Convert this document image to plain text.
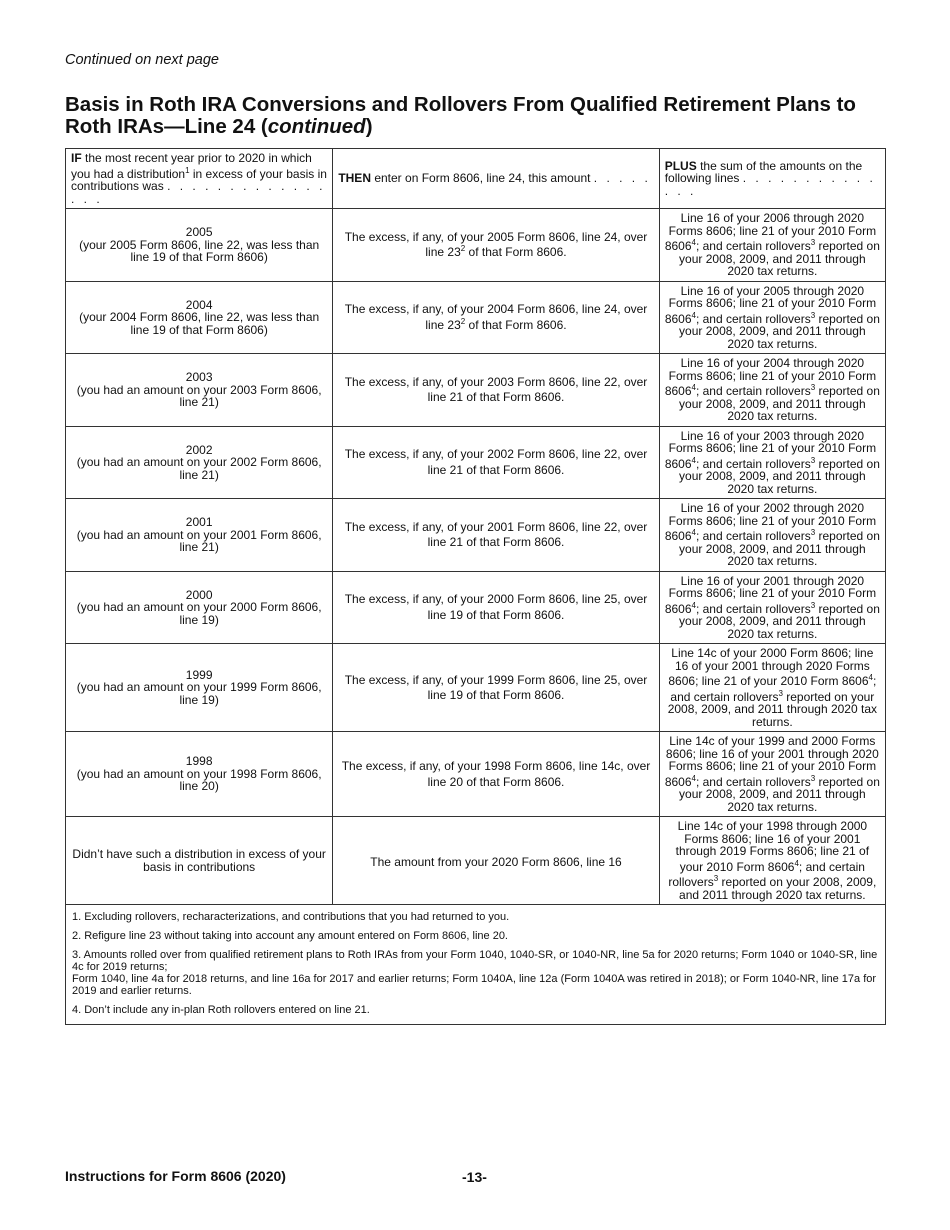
Continued on next page
Basis in Roth IRA Conversions and Rollovers From Qualified Retirement Plans to Roth IRAs—Line 24 (continued)
IF the most recent year prior to 2020 in which you had a distribution$^1$ in excess of your basis in contributions was . . . . . . . . . . . . . . . .	THEN enter on Form 8606, line 24, this amount . . . . .	PLUS the sum of the amounts on the following lines . . . . . . . . . . . . . .
2005
(your 2005 Form 8606, line 22, was less than line 19 of that Form 8606)	The excess, if any, of your 2005 Form 8606, line 24, over line $23^2$ of that Form 8606.	Line 16 of your 2006 through 2020 Forms 8606; line 21 of your 2010 Form 8606$^4$; and certain rollovers$^3$ reported on your 2008, 2009, and 2011 through 2020 tax returns.
2004
(your 2004 Form 8606, line 22, was less than line 19 of that Form 8606)	The excess, if any, of your 2004 Form 8606, line 24, over line $23^2$ of that Form 8606.	Line 16 of your 2005 through 2020 Forms 8606; line 21 of your 2010 Form 8606$^4$; and certain rollovers$^3$ reported on your 2008, 2009, and 2011 through 2020 tax returns.
2003
(you had an amount on your 2003 Form 8606, line 21)	The excess, if any, of your 2003 Form 8606, line 22, over line 21 of that Form 8606.	Line 16 of your 2004 through 2020 Forms 8606; line 21 of your 2010 Form 8606$^4$; and certain rollovers$^3$ reported on your 2008, 2009, and 2011 through 2020 tax returns.
2002
(you had an amount on your 2002 Form 8606, line 21)	The excess, if any, of your 2002 Form 8606, line 22, over line 21 of that Form 8606.	Line 16 of your 2003 through 2020 Forms 8606; line 21 of your 2010 Form 8606$^4$; and certain rollovers$^3$ reported on your 2008, 2009, and 2011 through 2020 tax returns.
2001
(you had an amount on your 2001 Form 8606, line 21)	The excess, if any, of your 2001 Form 8606, line 22, over line 21 of that Form 8606.	Line 16 of your 2002 through 2020 Forms 8606; line 21 of your 2010 Form 8606$^4$; and certain rollovers$^3$ reported on your 2008, 2009, and 2011 through 2020 tax returns.
2000
(you had an amount on your 2000 Form 8606, line 19)	The excess, if any, of your 2000 Form 8606, line 25, over line 19 of that Form 8606.	Line 16 of your 2001 through 2020 Forms 8606; line 21 of your 2010 Form 8606$^4$; and certain rollovers$^3$ reported on your 2008, 2009, and 2011 through 2020 tax returns.
1999
(you had an amount on your 1999 Form 8606, line 19)	The excess, if any, of your 1999 Form 8606, line 25, over line 19 of that Form 8606.	Line 14c of your 2000 Form 8606; line 16 of your 2001 through 2020 Forms 8606; line 21 of your 2010 Form 8606$^4$; and certain rollovers$^3$ reported on your 2008, 2009, and 2011 through 2020 tax returns.
1998
(you had an amount on your 1998 Form 8606, line 20)	The excess, if any, of your 1998 Form 8606, line 14c, over line 20 of that Form 8606.	Line 14c of your 1999 and 2000 Forms 8606; line 16 of your 2001 through 2020 Forms 8606; line 21 of your 2010 Form 8606$^4$; and certain rollovers$^3$ reported on your 2008, 2009, and 2011 through 2020 tax returns.
Didn’t have such a distribution in excess of your basis in contributions	The amount from your 2020 Form 8606, line 16	Line 14c of your 1998 through 2000 Forms 8606; line 16 of your 2001 through 2019 Forms 8606; line 21 of your 2010 Form 8606$^4$; and certain rollovers$^3$ reported on your 2008, 2009, and 2011 through 2020 tax returns.

1. Excluding rollovers, recharacterizations, and contributions that you had returned to you.

2. Refigure line 23 without taking into account any amount entered on Form 8606, line 20.

3. Amounts rolled over from qualified retirement plans to Roth IRAs from your Form 1040, 1040-SR, or 1040-NR, line 5a for 2020 returns; Form 1040 or 1040-SR, line 4c for 2019 returns;
Form 1040, line 4a for 2018 returns, and line 16a for 2017 and earlier returns; Form 1040A, line 12a (Form 1040A was retired in 2018); or Form 1040-NR, line 17a for 2019 and earlier returns.

4. Don’t include any in-plan Roth rollovers entered on line 21.		

Instructions for Form 8606 (2020)	-13-
